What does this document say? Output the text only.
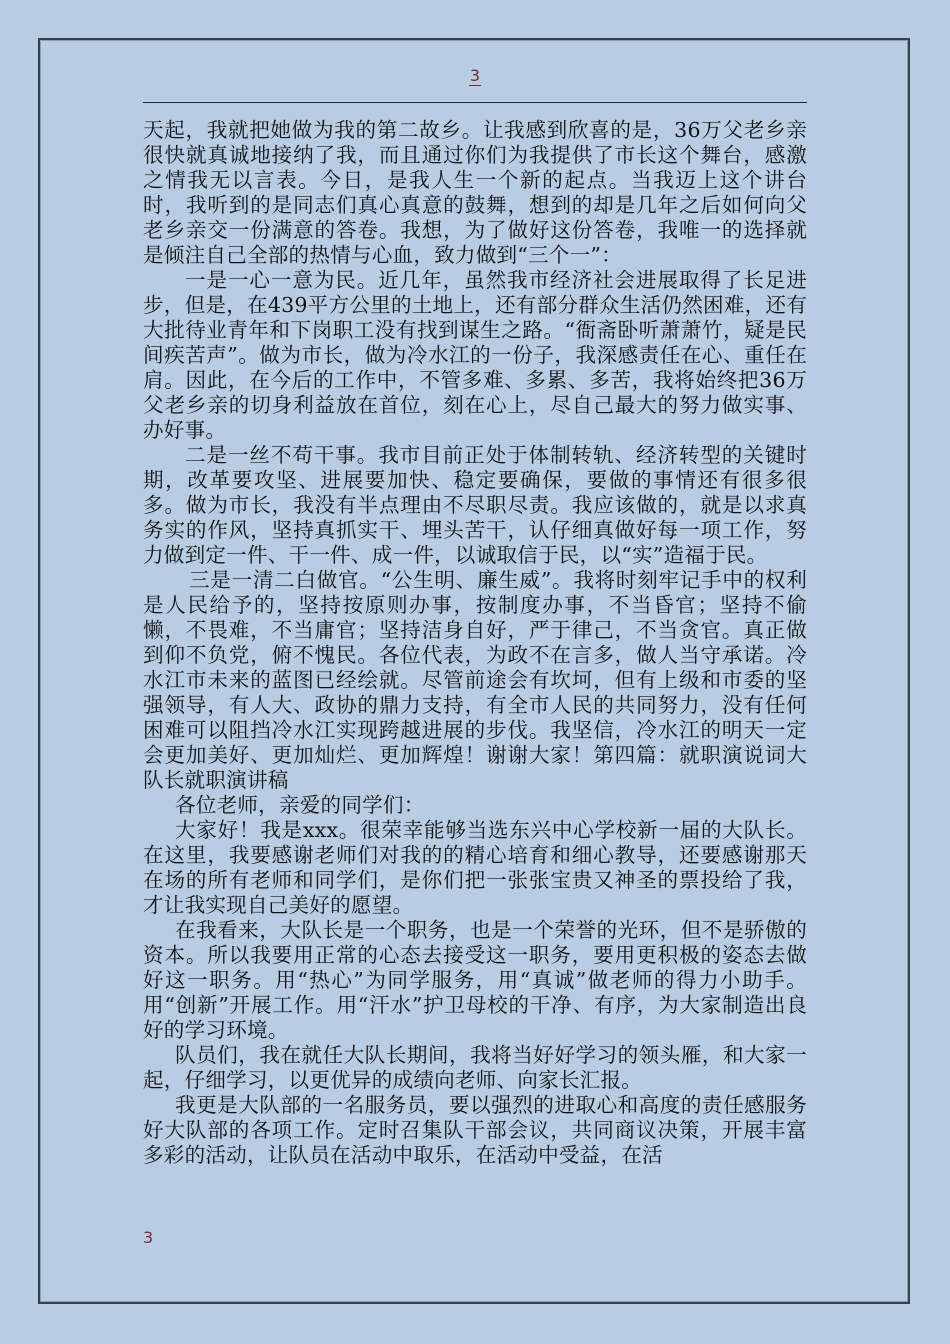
3

天起，我就把她做为我的第二故乡。让我感到欣喜的是，36万父老乡亲很快就真诚地接纳了我，而且通过你们为我提供了市长这个舞台，感激之情我无以言表。今日，是我人生一个新的起点。当我迈上这个讲台时，我听到的是同志们真心真意的鼓舞，想到的却是几年之后如何向父老乡亲交一份满意的答卷。我想，为了做好这份答卷，我唯一的选择就是倾注自己全部的热情与心血，致力做到“三个一”：

一是一心一意为民。近几年，虽然我市经济社会进展取得了长足进步，但是，在439平方公里的土地上，还有部分群众生活仍然困难，还有大批待业青年和下岗职工没有找到谋生之路。“衙斋卧听萧萧竹，疑是民间疾苦声”。做为市长，做为冷水江的一份子，我深感责任在心、重任在肩。因此，在今后的工作中，不管多难、多累、多苦，我将始终把36万父老乡亲的切身利益放在首位，刻在心上，尽自己最大的努力做实事、办好事。

二是一丝不苟干事。我市目前正处于体制转轨、经济转型的关键时期，改革要攻坚、进展要加快、稳定要确保，要做的事情还有很多很多。做为市长，我没有半点理由不尽职尽责。我应该做的，就是以求真务实的作风，坚持真抓实干、埋头苦干，认仔细真做好每一项工作，努力做到定一件、干一件、成一件，以诚取信于民，以“实”造福于民。

三是一清二白做官。“公生明、廉生威”。我将时刻牢记手中的权利是人民给予的，坚持按原则办事，按制度办事，不当昏官；坚持不偷懒，不畏难，不当庸官；坚持洁身自好，严于律己，不当贪官。真正做到仰不负党，俯不愧民。各位代表，为政不在言多，做人当守承诺。冷水江市未来的蓝图已经绘就。尽管前途会有坎坷，但有上级和市委的坚强领导，有人大、政协的鼎力支持，有全市人民的共同努力，没有任何困难可以阻挡冷水江实现跨越进展的步伐。我坚信，冷水江的明天一定会更加美好、更加灿烂、更加辉煌！谢谢大家！第四篇：就职演说词大队长就职演讲稿

各位老师，亲爱的同学们：

大家好！我是xxx。很荣幸能够当选东兴中心学校新一届的大队长。在这里，我要感谢老师们对我的的精心培育和细心教导，还要感谢那天在场的所有老师和同学们，是你们把一张张宝贵又神圣的票投给了我，才让我实现自己美好的愿望。

在我看来，大队长是一个职务，也是一个荣誉的光环，但不是骄傲的资本。所以我要用正常的心态去接受这一职务，要用更积极的姿态去做好这一职务。用“热心”为同学服务，用“真诚”做老师的得力小助手。用“创新”开展工作。用“汗水”护卫母校的干净、有序，为大家制造出良好的学习环境。

队员们，我在就任大队长期间，我将当好好学习的领头雁，和大家一起，仔细学习，以更优异的成绩向老师、向家长汇报。

我更是大队部的一名服务员，要以强烈的进取心和高度的责任感服务好大队部的各项工作。定时召集队干部会议，共同商议决策，开展丰富多彩的活动，让队员在活动中取乐，在活动中受益，在活

3
